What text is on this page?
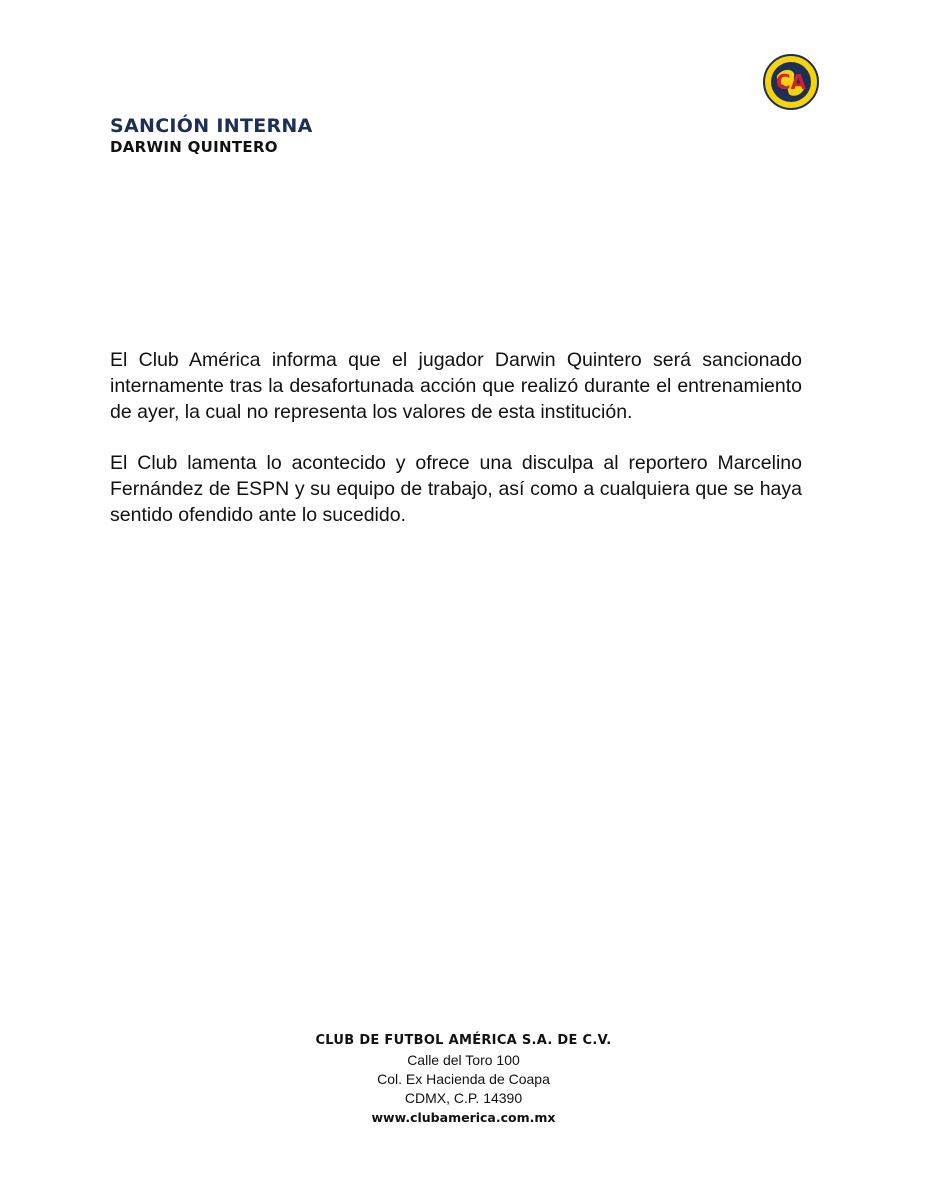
CA
SANCIÓN INTERNA
DARWIN QUINTERO

El Club América informa que el jugador Darwin Quintero será sancionado internamente tras la desafortunada acción que realizó durante el entrenamiento de ayer, la cual no representa los valores de esta institución.

El Club lamenta lo acontecido y ofrece una disculpa al reportero Marcelino Fernández de ESPN y su equipo de trabajo, así como a cualquiera que se haya sentido ofendido ante lo sucedido.

CLUB DE FUTBOL AMÉRICA S.A. DE C.V.
Calle del Toro 100
Col. Ex Hacienda de Coapa
CDMX, C.P. 14390
www.clubamerica.com.mx
